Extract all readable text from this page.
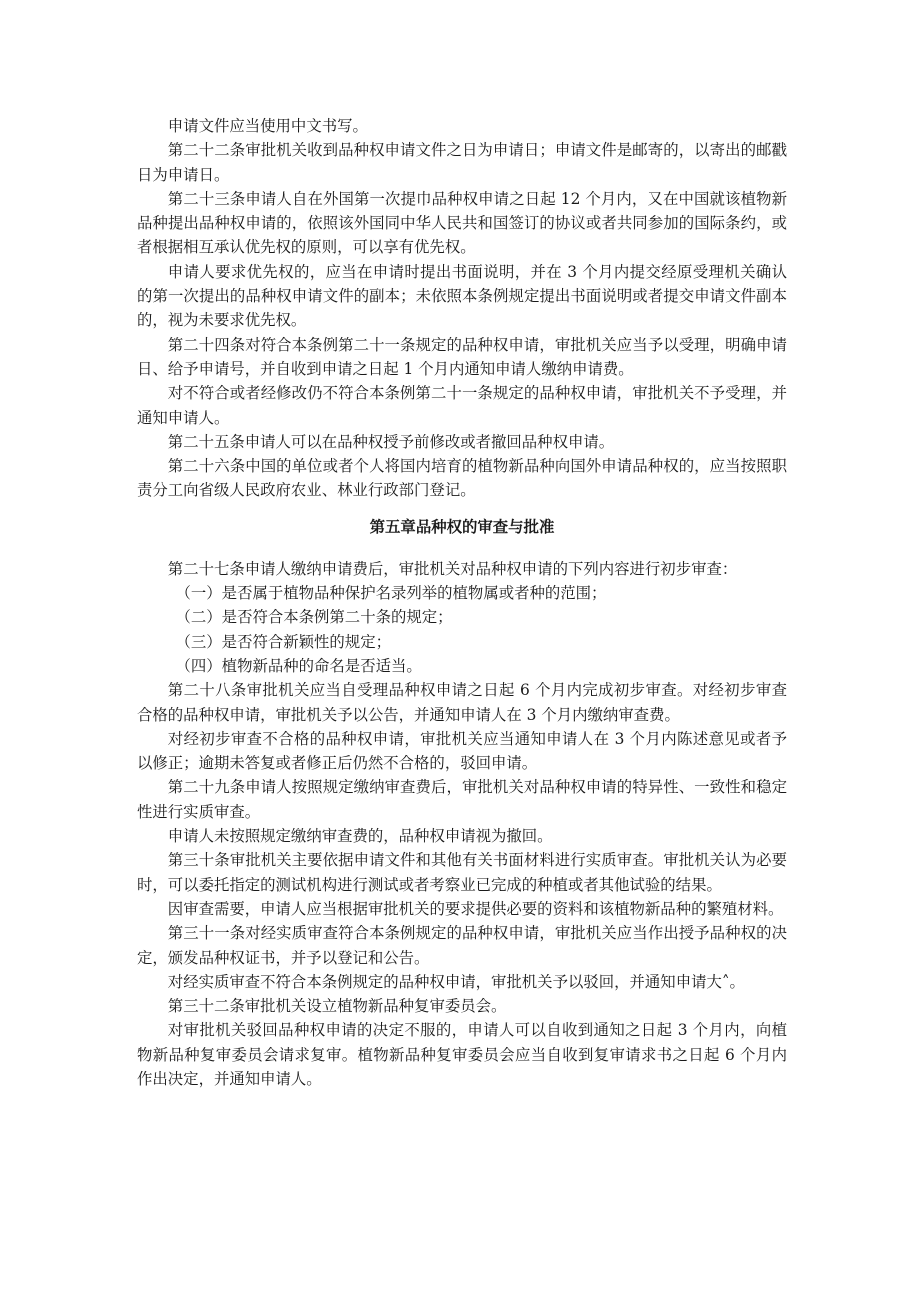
申请文件应当使用中文书写。

第二十二条审批机关收到品种权申请文件之日为申请日；申请文件是邮寄的，以寄出的邮戳日为申请日。

第二十三条申请人自在外国第一次提巾品种权申请之日起 12 个月内，又在中国就该植物新品种提出品种权申请的，依照该外国同中华人民共和国签订的协议或者共同参加的国际条约，或者根据相互承认优先权的原则，可以享有优先权。

申请人要求优先权的，应当在申请时提出书面说明，并在 3 个月内提交经原受理机关确认的第一次提出的品种权申请文件的副本；未依照本条例规定提出书面说明或者提交申请文件副本的，视为未要求优先权。

第二十四条对符合本条例第二十一条规定的品种权申请，审批机关应当予以受理，明确申请日、给予申请号，并自收到申请之日起 1 个月内通知申请人缴纳申请费。

对不符合或者经修改仍不符合本条例第二十一条规定的品种权申请，审批机关不予受理，并通知申请人。

第二十五条申请人可以在品种权授予前修改或者撤回品种权申请。

第二十六条中国的单位或者个人将国内培育的植物新品种向国外申请品种权的，应当按照职责分工向省级人民政府农业、林业行政部门登记。

第五章品种权的审查与批准

第二十七条申请人缴纳申请费后，审批机关对品种权申请的下列内容进行初步审查：

（一）是否属于植物品种保护名录列举的植物属或者种的范围；

（二）是否符合本条例第二十条的规定；

（三）是否符合新颖性的规定；

（四）植物新品种的命名是否适当。

第二十八条审批机关应当自受理品种权申请之日起 6 个月内完成初步审查。对经初步审查合格的品种权申请，审批机关予以公告，并通知申请人在 3 个月内缴纳审查费。

对经初步审查不合格的品种权申请，审批机关应当通知申请人在 3 个月内陈述意见或者予以修正；逾期未答复或者修正后仍然不合格的，驳回申请。

第二十九条申请人按照规定缴纳审查费后，审批机关对品种权申请的特异性、一致性和稳定性进行实质审查。

申请人未按照规定缴纳审查费的，品种权申请视为撤回。

第三十条审批机关主要依据申请文件和其他有关书面材料进行实质审查。审批机关认为必要时，可以委托指定的测试机构进行测试或者考察业已完成的种植或者其他试验的结果。

因审查需要，申请人应当根据审批机关的要求提供必要的资料和该植物新品种的繁殖材料。

第三十一条对经实质审查符合本条例规定的品种权申请，审批机关应当作出授予品种权的决定，颁发品种权证书，并予以登记和公告。

对经实质审查不符合本条例规定的品种权申请，审批机关予以驳回，并通知申请大˄。

第三十二条审批机关设立植物新品种复审委员会。

对审批机关驳回品种权申请的决定不服的，申请人可以自收到通知之日起 3 个月内，向植物新品种复审委员会请求复审。植物新品种复审委员会应当自收到复审请求书之日起 6 个月内作出决定，并通知申请人。
